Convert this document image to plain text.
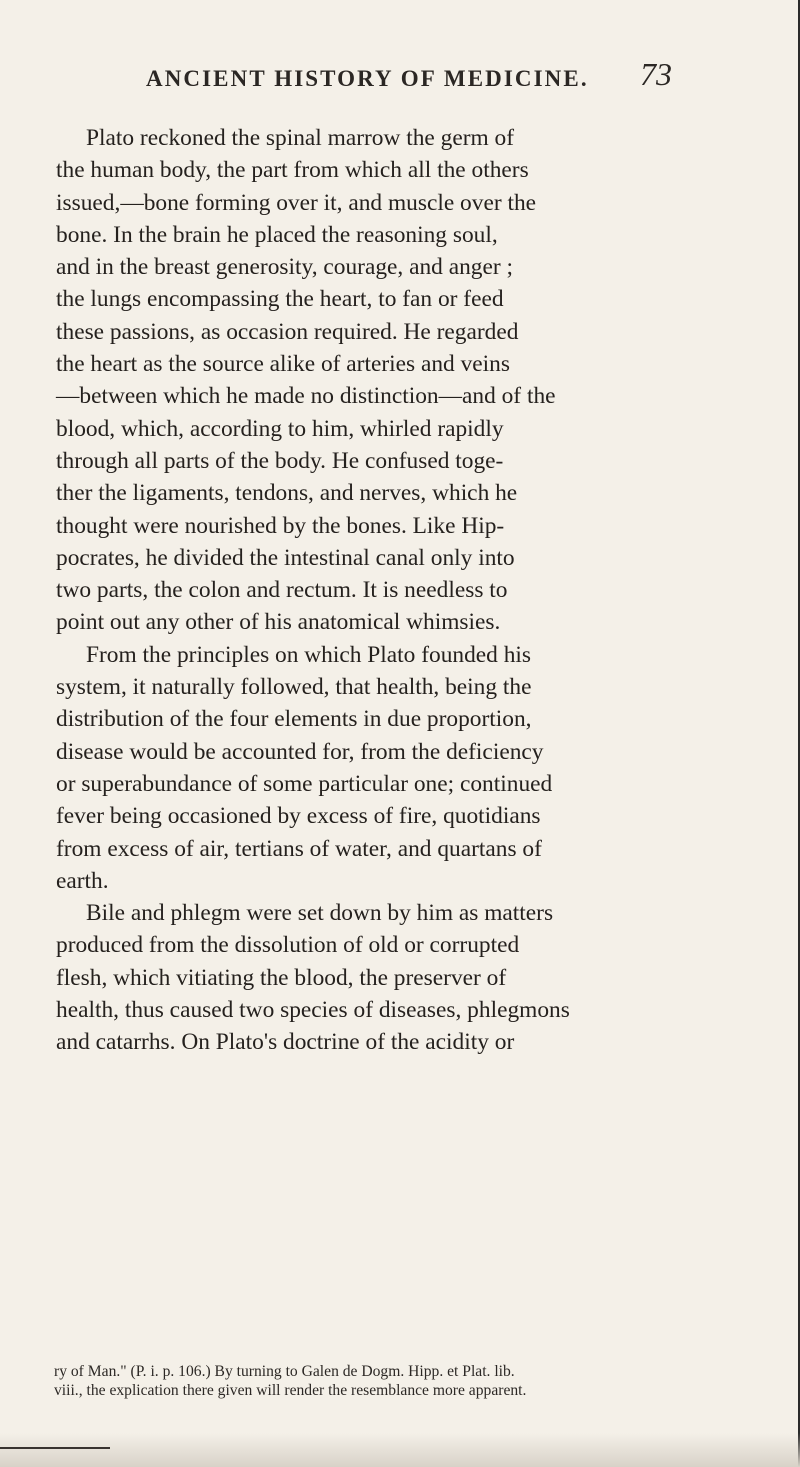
ANCIENT HISTORY OF MEDICINE. 73
Plato reckoned the spinal marrow the germ of
the human body, the part from which all the others
issued,—bone forming over it, and muscle over the
bone. In the brain he placed the reasoning soul,
and in the breast generosity, courage, and anger ;
the lungs encompassing the heart, to fan or feed
these passions, as occasion required. He regarded
the heart as the source alike of arteries and veins
—between which he made no distinction—and of the
blood, which, according to him, whirled rapidly
through all parts of the body. He confused toge-
ther the ligaments, tendons, and nerves, which he
thought were nourished by the bones. Like Hip-
pocrates, he divided the intestinal canal only into
two parts, the colon and rectum. It is needless to
point out any other of his anatomical whimsies.
From the principles on which Plato founded his
system, it naturally followed, that health, being the
distribution of the four elements in due proportion,
disease would be accounted for, from the deficiency
or superabundance of some particular one; continued
fever being occasioned by excess of fire, quotidians
from excess of air, tertians of water, and quartans of
earth.
Bile and phlegm were set down by him as matters
produced from the dissolution of old or corrupted
flesh, which vitiating the blood, the preserver of
health, thus caused two species of diseases, phlegmons
and catarrhs. On Plato's doctrine of the acidity or
ry of Man." (P. i. p. 106.) By turning to Galen de Dogm. Hipp. et Plat. lib.
viii., the explication there given will render the resemblance more apparent.
